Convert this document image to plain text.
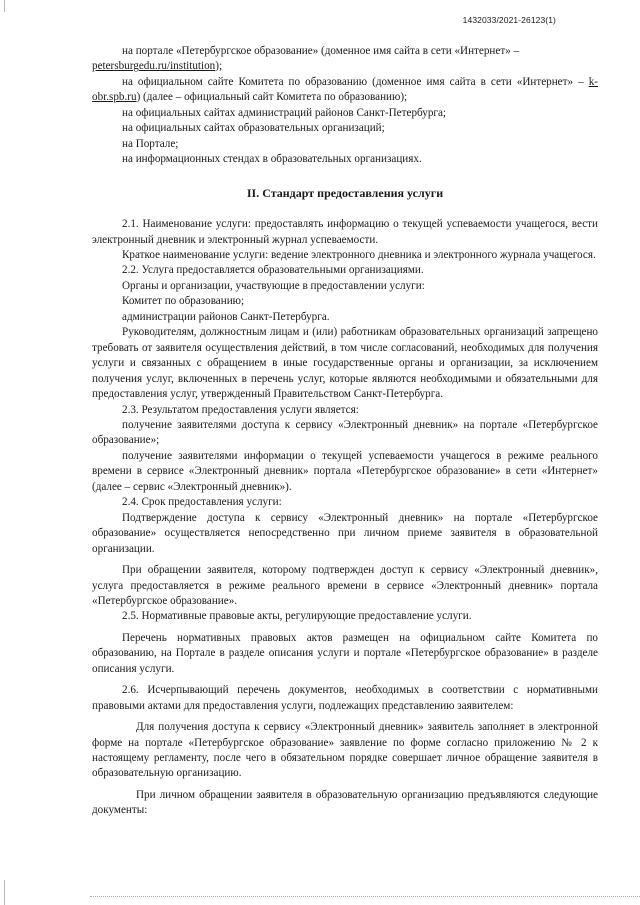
1432033/2021-26123(1)

на портале «Петербургское образование» (доменное имя сайта в сети «Интернет» –
petersburgedu.ru/institution);

на официальном сайте Комитета по образованию (доменное имя сайта в сети «Интернет» – k-obr.spb.ru) (далее – официальный сайт Комитета по образованию);

на официальных сайтах администраций районов Санкт-Петербурга;

на официальных сайтах образовательных организаций;

на Портале;

на информационных стендах в образовательных организациях.

II. Стандарт предоставления услуги

2.1. Наименование услуги: предоставлять информацию о текущей успеваемости учащегося, вести электронный дневник и электронный журнал успеваемости.

Краткое наименование услуги: ведение электронного дневника и электронного журнала учащегося.

2.2. Услуга предоставляется образовательными организациями.

Органы и организации, участвующие в предоставлении услуги:

Комитет по образованию;

администрации районов Санкт-Петербурга.

Руководителям, должностным лицам и (или) работникам образовательных организаций запрещено требовать от заявителя осуществления действий, в том числе согласований, необходимых для получения услуги и связанных с обращением в иные государственные органы и организации, за исключением получения услуг, включенных в перечень услуг, которые являются необходимыми и обязательными для предоставления услуг, утвержденный Правительством Санкт-Петербурга.

2.3. Результатом предоставления услуги является:

получение заявителями доступа к сервису «Электронный дневник» на портале «Петербургское образование»;

получение заявителями информации о текущей успеваемости учащегося в режиме реального времени в сервисе «Электронный дневник» портала «Петербургское образование» в сети «Интернет» (далее – сервис «Электронный дневник»).

2.4. Срок предоставления услуги:

Подтверждение доступа к сервису «Электронный дневник» на портале «Петербургское образование» осуществляется непосредственно при личном приеме заявителя в образовательной организации.

При обращении заявителя, которому подтвержден доступ к сервису «Электронный дневник», услуга предоставляется в режиме реального времени в сервисе «Электронный дневник» портала «Петербургское образование».

2.5. Нормативные правовые акты, регулирующие предоставление услуги.

Перечень нормативных правовых актов размещен на официальном сайте Комитета по образованию, на Портале в разделе описания услуги и портале «Петербургское образование» в разделе описания услуги.

2.6. Исчерпывающий перечень документов, необходимых в соответствии с нормативными правовыми актами для предоставления услуги, подлежащих представлению заявителем:

Для получения доступа к сервису «Электронный дневник» заявитель заполняет в электронной форме на портале «Петербургское образование» заявление по форме согласно приложению № 2 к настоящему регламенту, после чего в обязательном порядке совершает личное обращение заявителя в образовательную организацию.

При личном обращении заявителя в образовательную организацию предъявляются следующие документы:
